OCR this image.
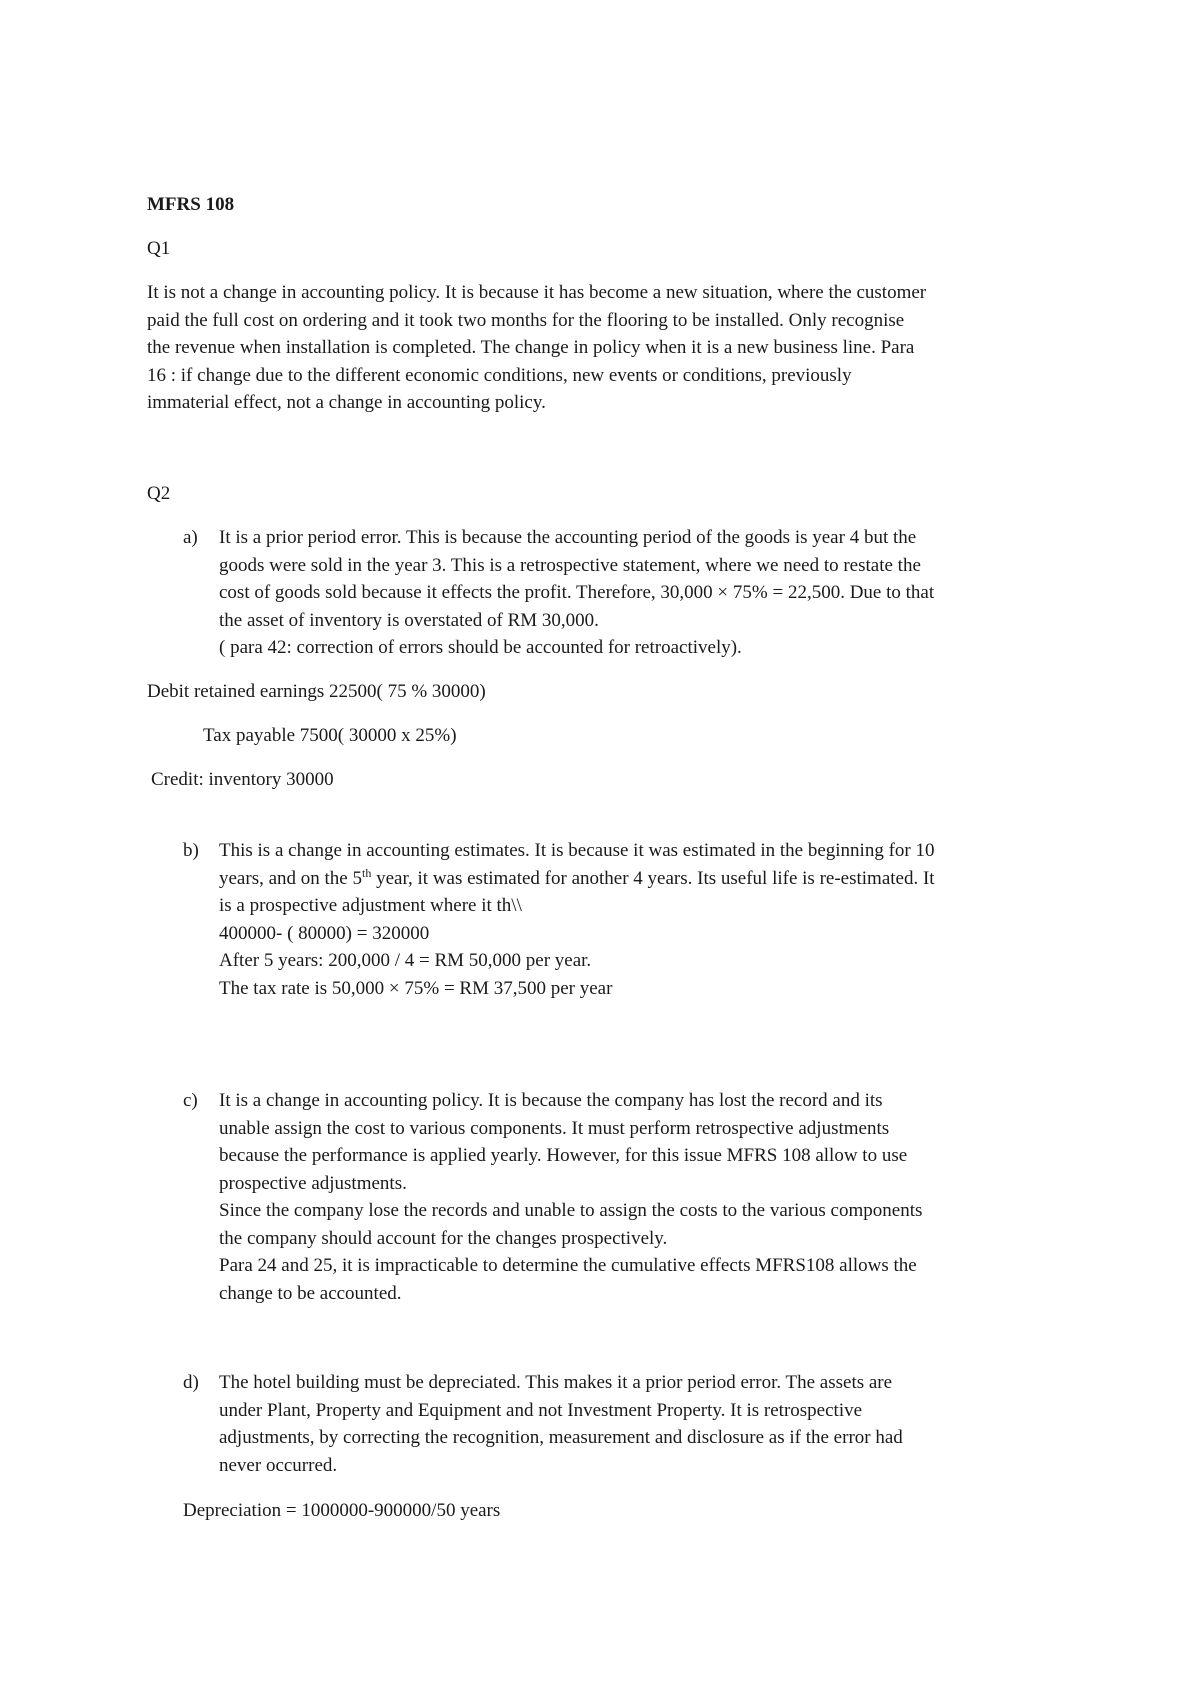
MFRS 108
Q1
It is not a change in accounting policy. It is because it has become a new situation, where the customer
paid the full cost on ordering and it took two months for the flooring to be installed. Only recognise
the revenue when installation is completed. The change in policy when it is a new business line. Para
16 : if change due to the different economic conditions, new events or conditions, previously
immaterial effect, not a change in accounting policy.
Q2
a) It is a prior period error. This is because the accounting period of the goods is year 4 but the
goods were sold in the year 3. This is a retrospective statement, where we need to restate the
cost of goods sold because it effects the profit. Therefore, 30,000 × 75% = 22,500. Due to that
the asset of inventory is overstated of RM 30,000.
( para 42: correction of errors should be accounted for retroactively).
Debit retained earnings 22500( 75 % 30000)
Tax payable 7500( 30000 x 25%)
Credit: inventory 30000
b) This is a change in accounting estimates. It is because it was estimated in the beginning for 10
years, and on the 5th year, it was estimated for another 4 years. Its useful life is re-estimated. It
is a prospective adjustment where it th\\
400000- ( 80000) = 320000
After 5 years: 200,000 / 4 = RM 50,000 per year.
The tax rate is 50,000 × 75% = RM 37,500 per year
c) It is a change in accounting policy. It is because the company has lost the record and its
unable assign the cost to various components. It must perform retrospective adjustments
because the performance is applied yearly. However, for this issue MFRS 108 allow to use
prospective adjustments.
Since the company lose the records and unable to assign the costs to the various components
the company should account for the changes prospectively.
Para 24 and 25, it is impracticable to determine the cumulative effects MFRS108 allows the
change to be accounted.
d) The hotel building must be depreciated. This makes it a prior period error. The assets are
under Plant, Property and Equipment and not Investment Property. It is retrospective
adjustments, by correcting the recognition, measurement and disclosure as if the error had
never occurred.
Depreciation = 1000000-900000/50 years
